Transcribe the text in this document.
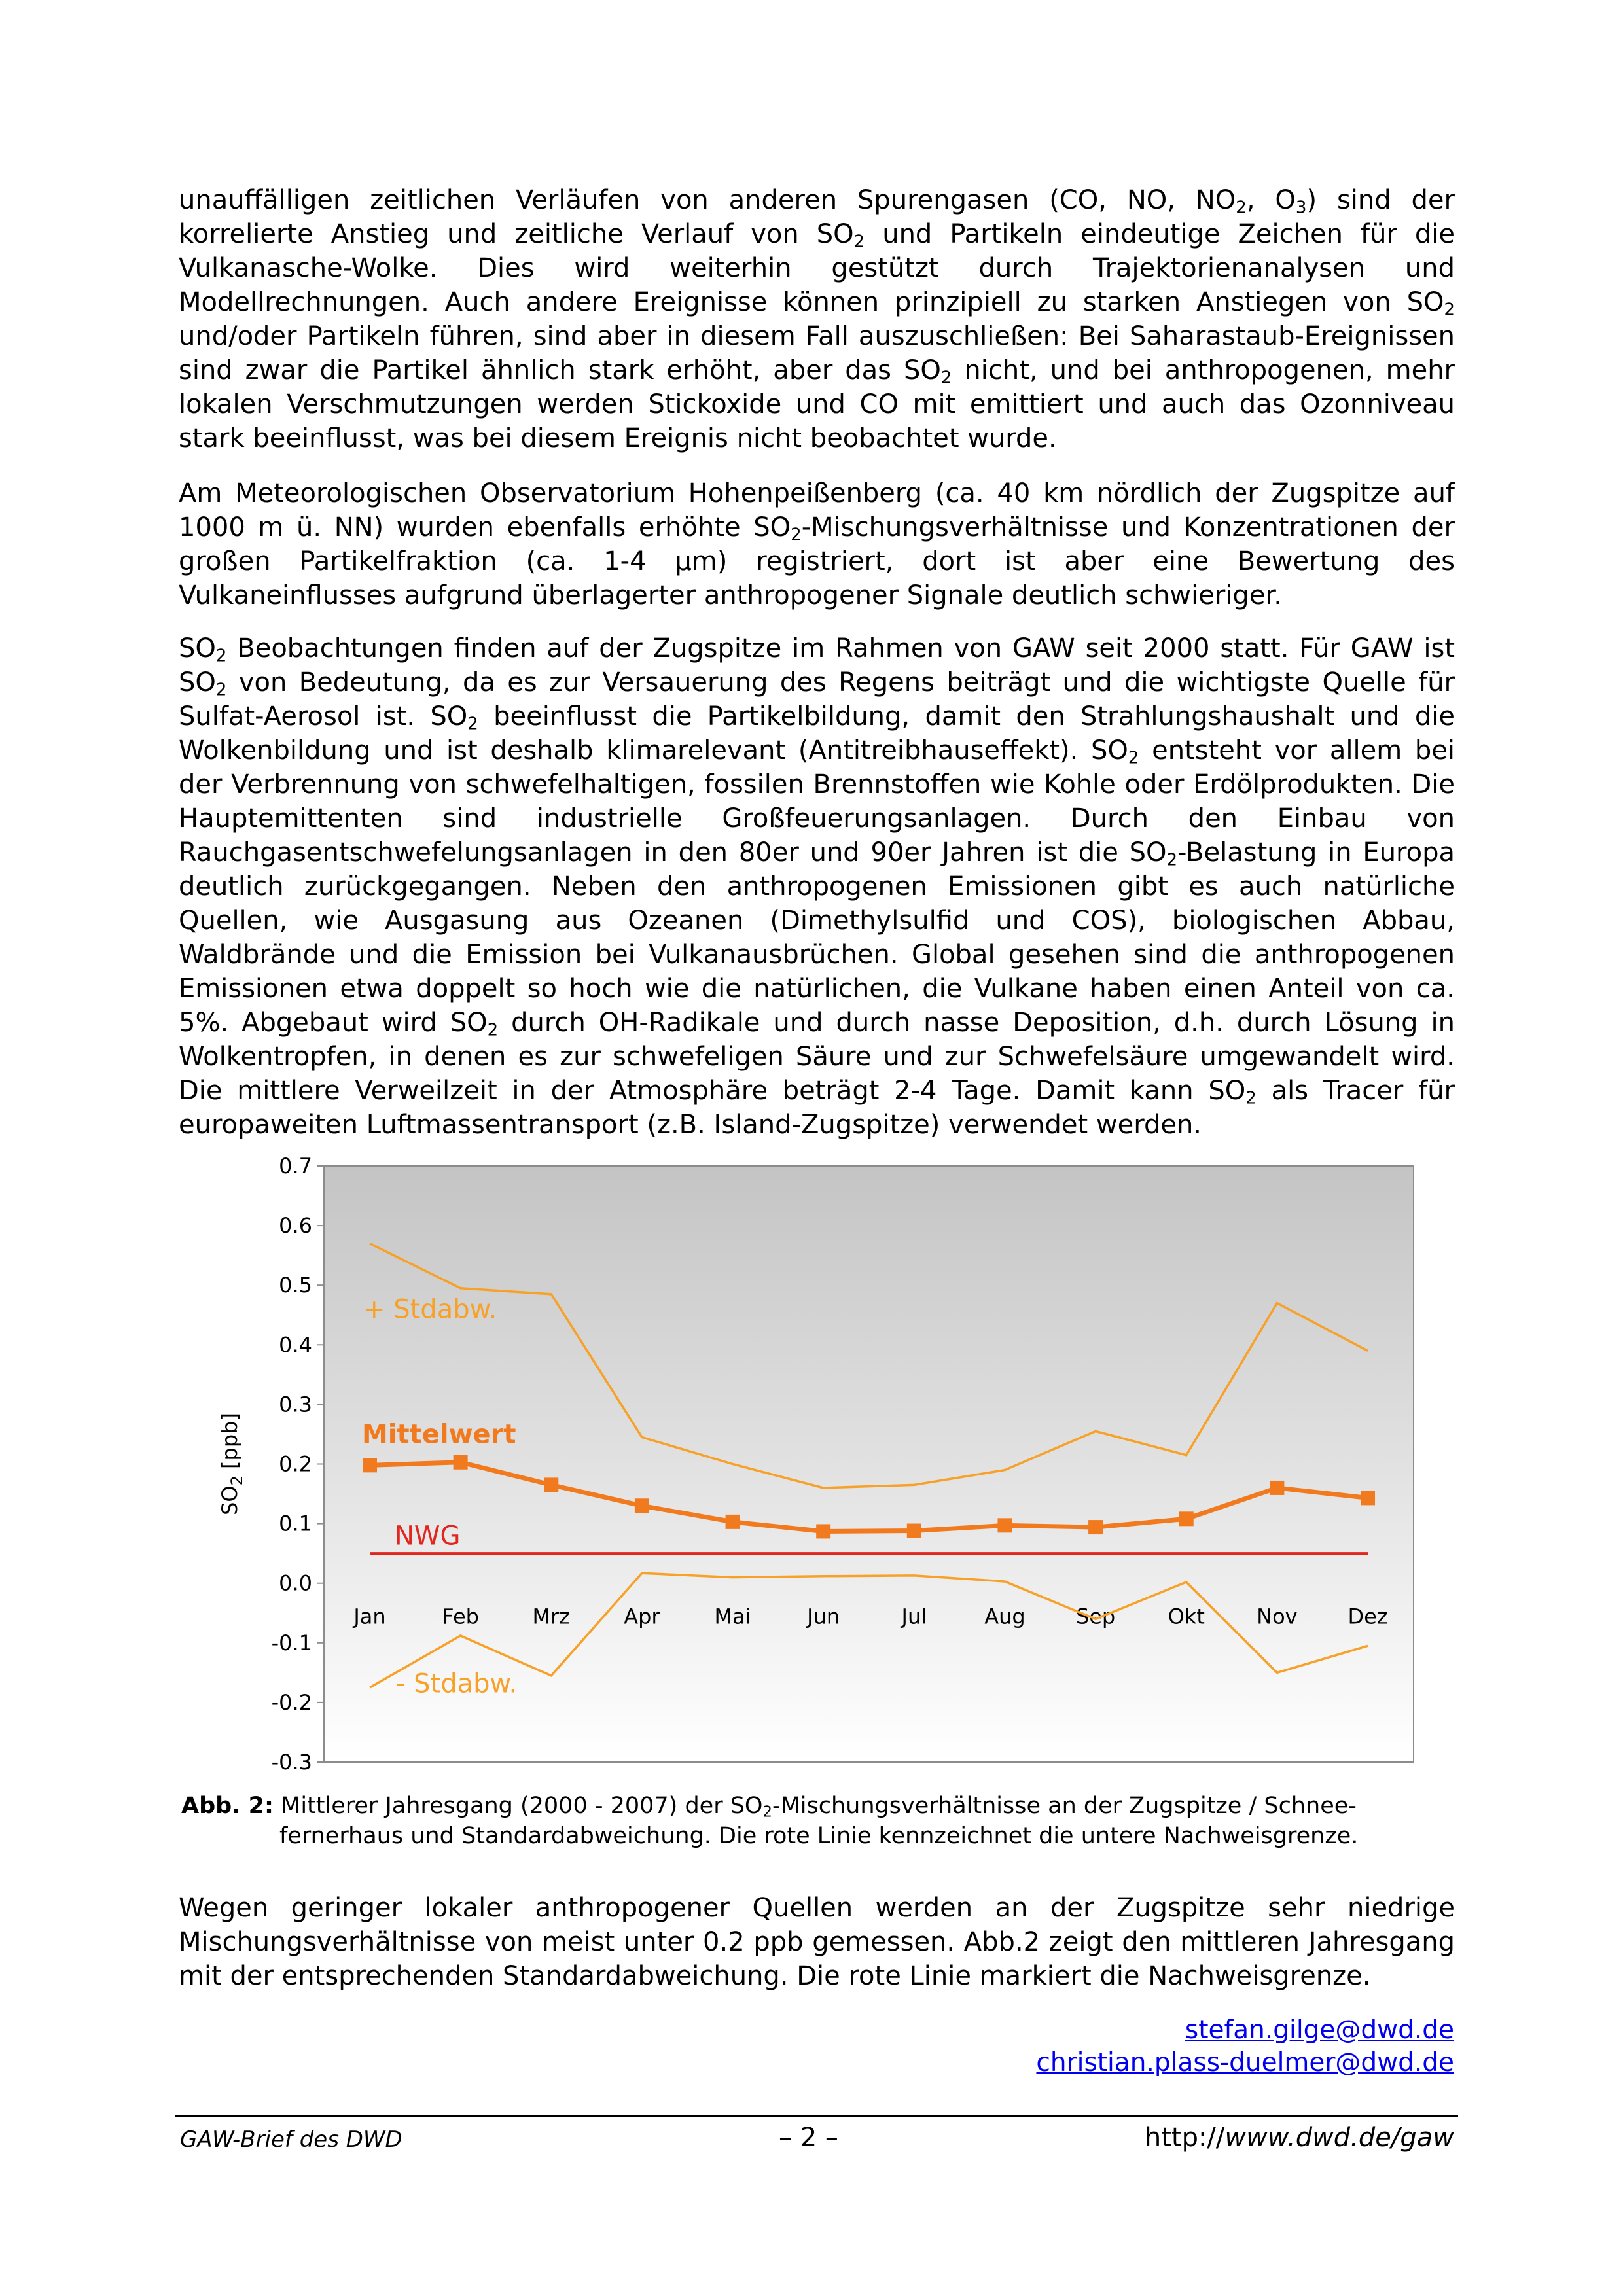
unauffälligen zeitlichen Verläufen von anderen Spurengasen (CO, NO, $NO_2$, $O_3$) sind der korrelierte Anstieg und zeitliche Verlauf von $SO_2$ und Partikeln eindeutige Zeichen für die Vulkanasche-Wolke. Dies wird weiterhin gestützt durch Trajektorienanalysen und Modellrechnungen. Auch andere Ereignisse können prinzipiell zu starken Anstiegen von $SO_2$ und/oder Partikeln führen, sind aber in diesem Fall auszuschließen: Bei Saharastaub-Ereignissen sind zwar die Partikel ähnlich stark erhöht, aber das $SO_2$ nicht, und bei anthropogenen, mehr lokalen Verschmutzungen werden Stickoxide und CO mit emittiert und auch das Ozonniveau stark beeinflusst, was bei diesem Ereignis nicht beobachtet wurde.

Am Meteorologischen Observatorium Hohenpeißenberg (ca. 40 km nördlich der Zugspitze auf 1000 m ü. NN) wurden ebenfalls erhöhte $SO_2$-Mischungsverhältnisse und Konzentrationen der großen Partikelfraktion (ca. 1-4 µm) registriert, dort ist aber eine Bewertung des Vulkaneinflusses aufgrund überlagerter anthropogener Signale deutlich schwieriger.

$SO_2$ Beobachtungen finden auf der Zugspitze im Rahmen von GAW seit 2000 statt. Für GAW ist $SO_2$ von Bedeutung, da es zur Versauerung des Regens beiträgt und die wichtigste Quelle für Sulfat-Aerosol ist. $SO_2$ beeinflusst die Partikelbildung, damit den Strahlungshaushalt und die Wolkenbildung und ist deshalb klimarelevant (Antitreibhauseffekt). $SO_2$ entsteht vor allem bei der Verbrennung von schwefelhaltigen, fossilen Brennstoffen wie Kohle oder Erdölprodukten. Die Hauptemittenten sind industrielle Großfeuerungsanlagen. Durch den Einbau von Rauchgasentschwefelungsanlagen in den 80er und 90er Jahren ist die $SO_2$-Belastung in Europa deutlich zurückgegangen. Neben den anthropogenen Emissionen gibt es auch natürliche Quellen, wie Ausgasung aus Ozeanen (Dimethylsulfid und COS), biologischen Abbau, Waldbrände und die Emission bei Vulkanausbrüchen. Global gesehen sind die anthropogenen Emissionen etwa doppelt so hoch wie die natürlichen, die Vulkane haben einen Anteil von ca. 5%. Abgebaut wird $SO_2$ durch OH-Radikale und durch nasse Deposition, d.h. durch Lösung in Wolkentropfen, in denen es zur schwefeligen Säure und zur Schwefelsäure umgewandelt wird. Die mittlere Verweilzeit in der Atmosphäre beträgt 2-4 Tage. Damit kann $SO_2$ als Tracer für europaweiten Luftmassentransport (z.B. Island-Zugspitze) verwendet werden.

0.7
0.6
0.5
0.4
0.3
0.2
0.1
0.0
-0.1
-0.2
-0.3
Jan	Feb	Mrz	Apr	Mai	Jun	Jul	Aug Sep	Okt Nov Dez
$SO_2$ [ppb]
+ Stdabw.
Mittelwert
NWG
- Stdabw.
Abb. 2: Mittlerer Jahresgang (2000 - 2007) der $SO_2$-Mischungsverhältnisse an der Zugspitze / Schnee-
fernerhaus und Standardabweichung. Die rote Linie kennzeichnet die untere Nachweisgrenze.

Wegen geringer lokaler anthropogener Quellen werden an der Zugspitze sehr niedrige Mischungsverhältnisse von meist unter 0.2 ppb gemessen. Abb.2 zeigt den mittleren Jahresgang mit der entsprechenden Standardabweichung. Die rote Linie markiert die Nachweisgrenze.

stefan.gilge@dwd.de
christian.plass-duelmer@dwd.de
GAW-Brief des DWD	– 2 –	http://www.dwd.de/gaw
